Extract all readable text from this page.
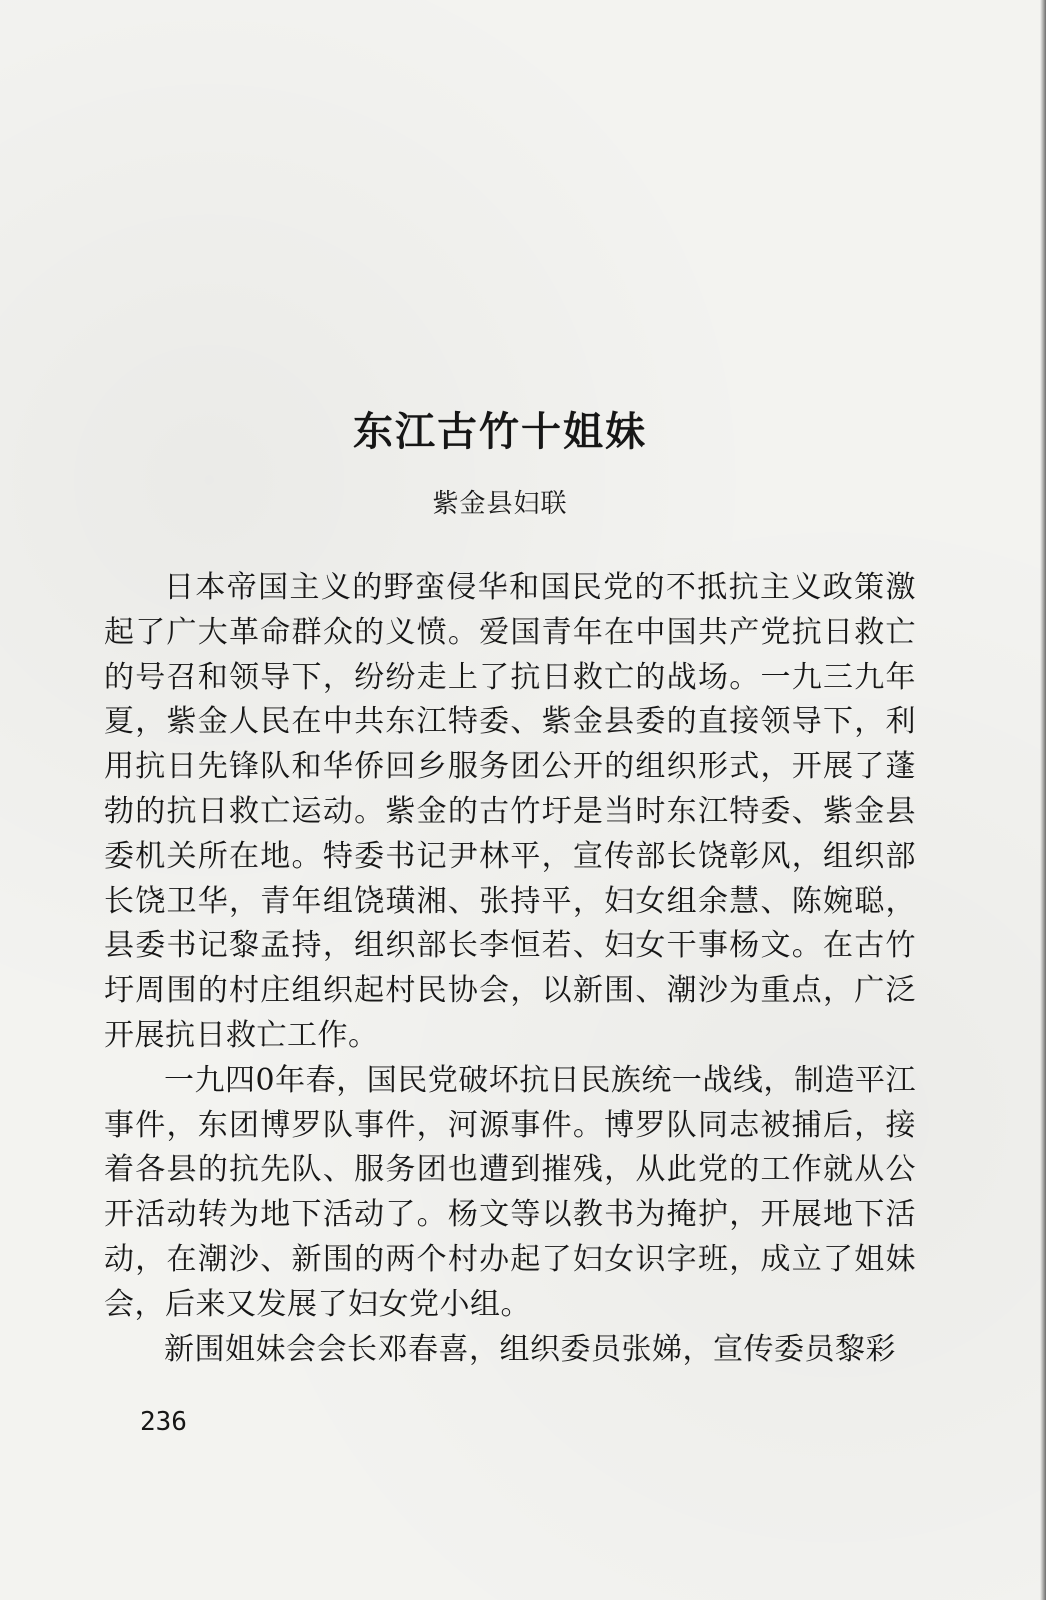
东江古竹十姐妹
紫金县妇联

日本帝国主义的野蛮侵华和国民党的不抵抗主义政策激起了广大革命群众的义愤。爱国青年在中国共产党抗日救亡的号召和领导下，纷纷走上了抗日救亡的战场。一九三九年夏，紫金人民在中共东江特委、紫金县委的直接领导下，利用抗日先锋队和华侨回乡服务团公开的组织形式，开展了蓬勃的抗日救亡运动。紫金的古竹圩是当时东江特委、紫金县委机关所在地。特委书记尹林平，宣传部长饶彰风，组织部长饶卫华，青年组饶璜湘、张持平，妇女组余慧、陈婉聪，县委书记黎孟持，组织部长李恒若、妇女干事杨文。在古竹圩周围的村庄组织起村民协会，以新围、潮沙为重点，广泛开展抗日救亡工作。

一九四0年春，国民党破坏抗日民族统一战线，制造平江事件，东团博罗队事件，河源事件。博罗队同志被捕后，接着各县的抗先队、服务团也遭到摧残，从此党的工作就从公开活动转为地下活动了。杨文等以教书为掩护，开展地下活动，在潮沙、新围的两个村办起了妇女识字班，成立了姐妹会，后来又发展了妇女党小组。

新围姐妹会会长邓春喜，组织委员张娣，宣传委员黎彩

236
